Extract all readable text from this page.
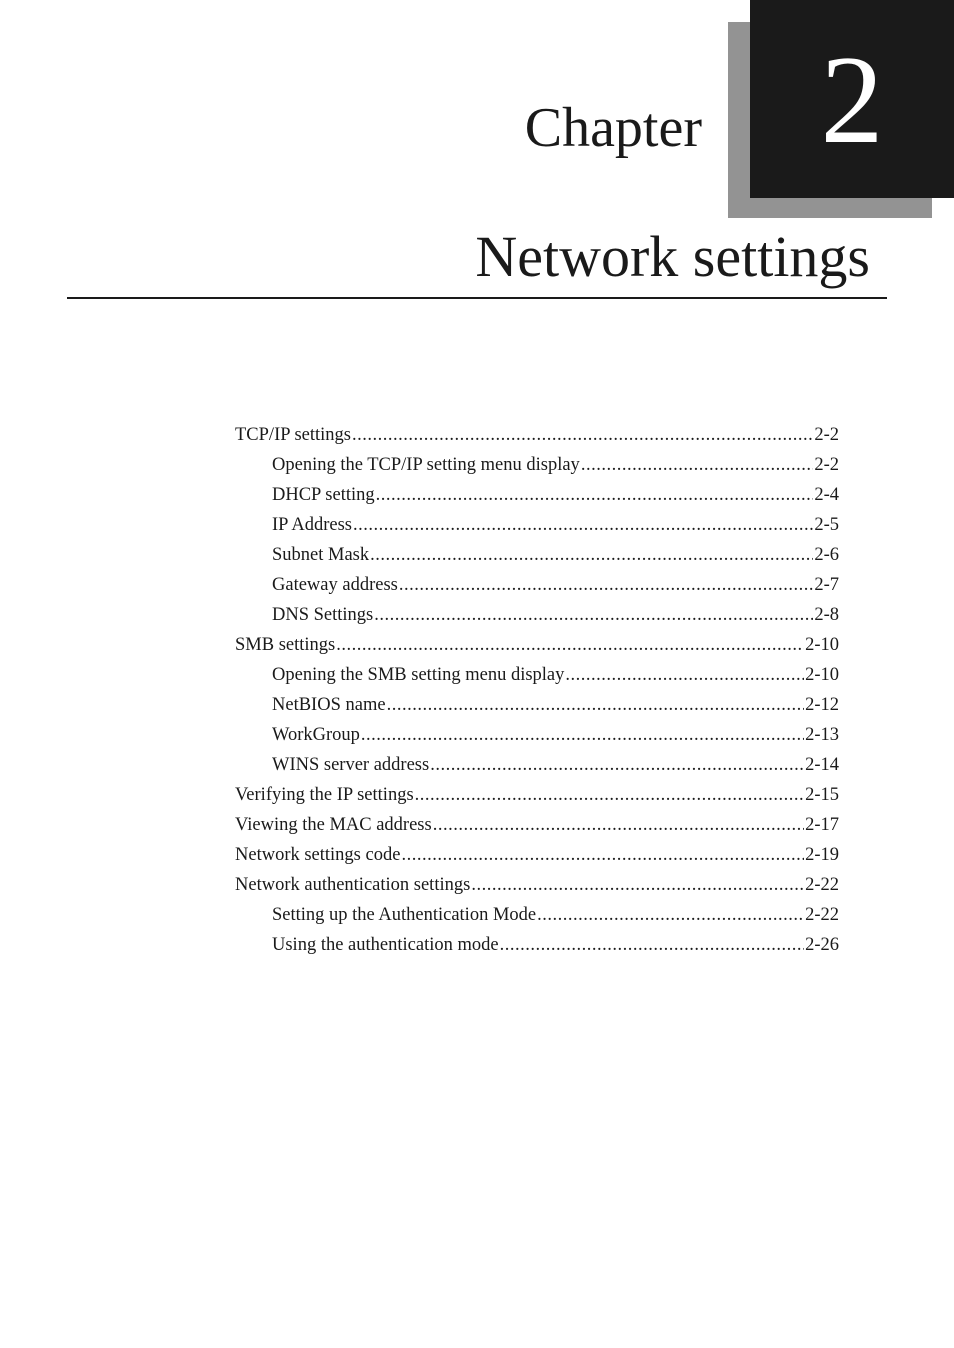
2
Chapter
Network settings
TCP/IP settings .....	2-2
Opening the TCP/IP setting menu display .....	2-2
DHCP setting .....	2-4
IP Address .....	2-5
Subnet Mask .....	2-6
Gateway address .....	2-7
DNS Settings .....	2-8
SMB settings .....	2-10
Opening the SMB setting menu display .....	2-10
NetBIOS name .....	2-12
WorkGroup .....	2-13
WINS server address .....	2-14
Verifying the IP settings .....	2-15
Viewing the MAC address .....	2-17
Network settings code .....	2-19
Network authentication settings .....	2-22
Setting up the Authentication Mode .....	2-22
Using the authentication mode .....	2-26
